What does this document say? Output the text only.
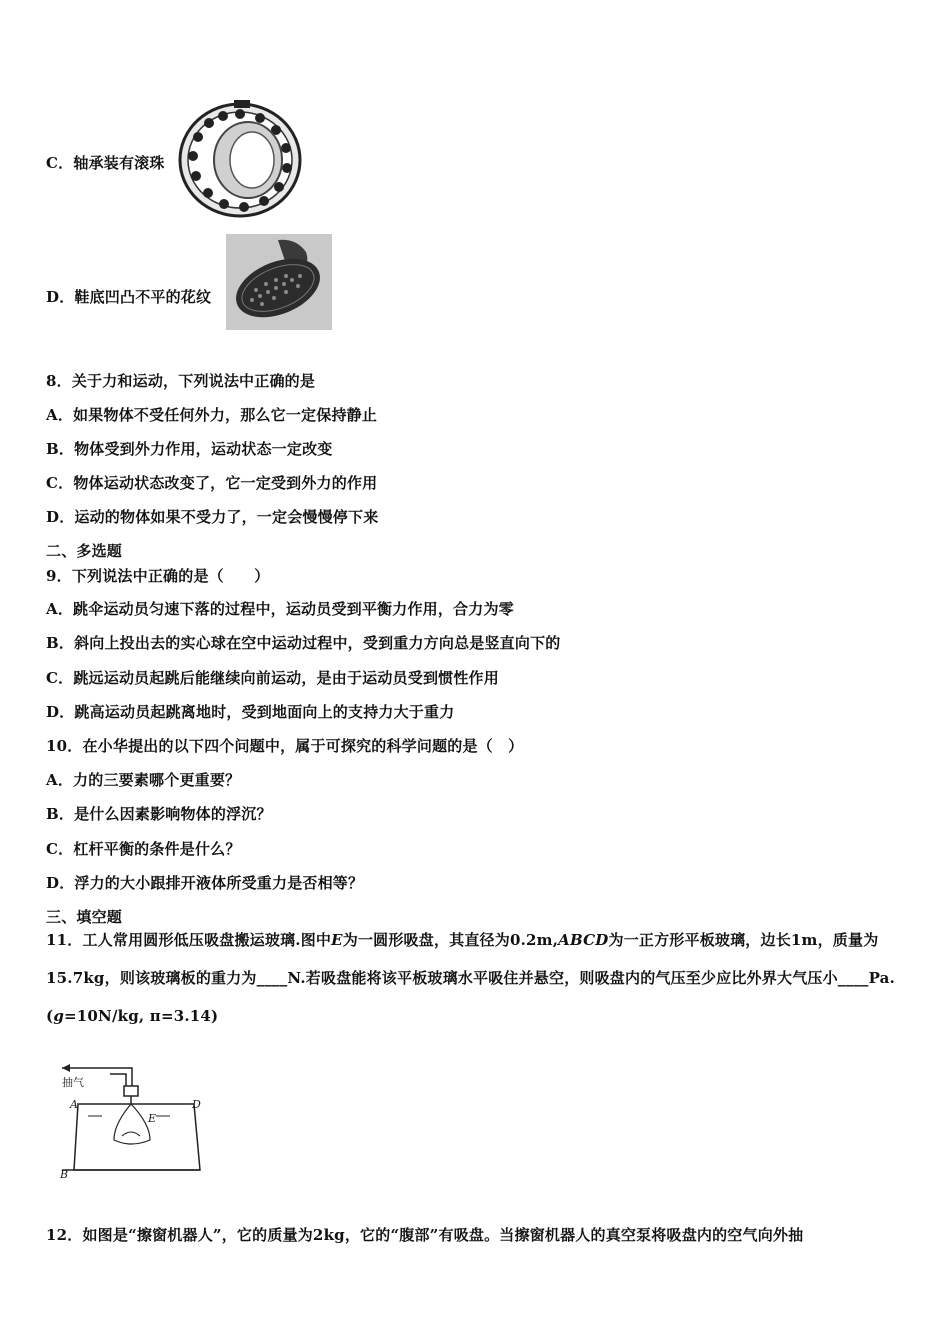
C．轴承装有滚珠
D．鞋底凹凸不平的花纹
8．关于力和运动，下列说法中正确的是
A．如果物体不受任何外力，那么它一定保持静止
B．物体受到外力作用，运动状态一定改变
C．物体运动状态改变了，它一定受到外力的作用
D．运动的物体如果不受力了，一定会慢慢停下来
二、多选题
9．下列说法中正确的是（　　）
A．跳伞运动员匀速下落的过程中，运动员受到平衡力作用，合力为零
B．斜向上投出去的实心球在空中运动过程中，受到重力方向总是竖直向下的
C．跳远运动员起跳后能继续向前运动，是由于运动员受到惯性作用
D．跳高运动员起跳离地时，受到地面向上的支持力大于重力
10．在小华提出的以下四个问题中，属于可探究的科学问题的是（　）
A．力的三要素哪个更重要？
B．是什么因素影响物体的浮沉？
C．杠杆平衡的条件是什么？
D．浮力的大小跟排开液体所受重力是否相等？
三、填空题
11．工人常用圆形低压吸盘搬运玻璃.图中E为一圆形吸盘，其直径为0.2m,ABCD为一正方形平板玻璃，边长1m，质量为15.7kg，则该玻璃板的重力为____N.若吸盘能将该平板玻璃水平吸住并悬空，则吸盘内的气压至少应比外界大气压小____Pa. (g=10N/kg, π=3.14)
抽气
A	D
B
E
12．如图是“擦窗机器人”，它的质量为2kg，它的“腹部”有吸盘。当擦窗机器人的真空泵将吸盘内的空气向外抽
